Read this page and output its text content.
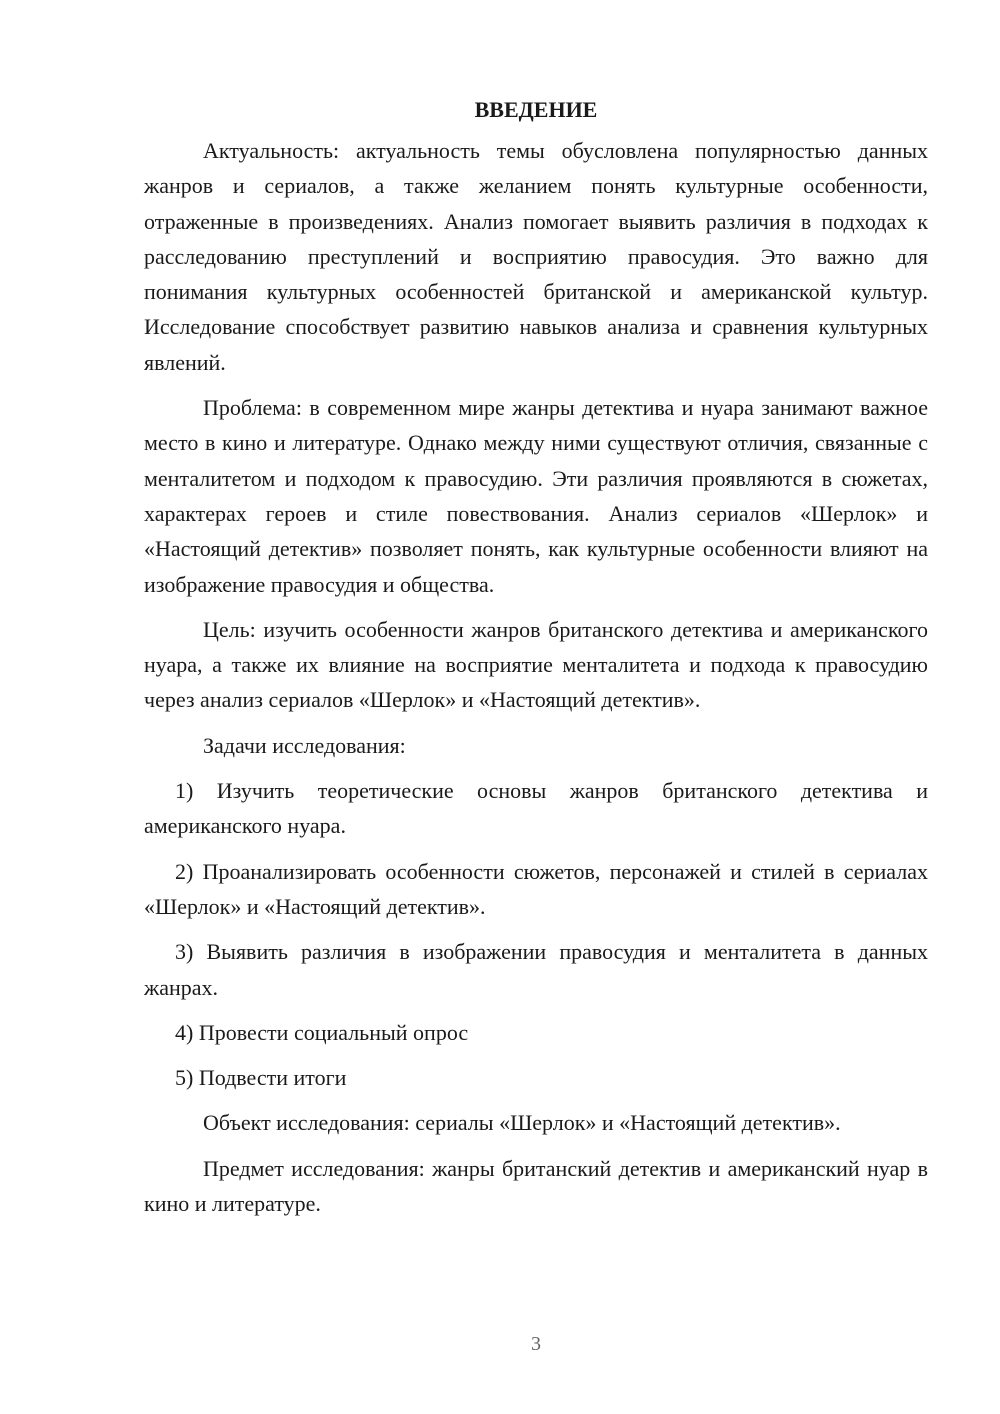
ВВЕДЕНИЕ

Актуальность: актуальность темы обусловлена популярностью данных жанров и сериалов, а также желанием понять культурные особенности, отраженные в произведениях. Анализ помогает выявить различия в подходах к расследованию преступлений и восприятию правосудия. Это важно для понимания культурных особенностей британской и американской культур. Исследование способствует развитию навыков анализа и сравнения культурных явлений.

Проблема: в современном мире жанры детектива и нуара занимают важное место в кино и литературе. Однако между ними существуют отличия, связанные с менталитетом и подходом к правосудию. Эти различия проявляются в сюжетах, характерах героев и стиле повествования. Анализ сериалов «Шерлок» и «Настоящий детектив» позволяет понять, как культурные особенности влияют на изображение правосудия и общества.

Цель: изучить особенности жанров британского детектива и американского нуара, а также их влияние на восприятие менталитета и подхода к правосудию через анализ сериалов «Шерлок» и «Настоящий детектив».

Задачи исследования:

1) Изучить теоретические основы жанров британского детектива и американского нуара.

2) Проанализировать особенности сюжетов, персонажей и стилей в сериалах «Шерлок» и «Настоящий детектив».

3) Выявить различия в изображении правосудия и менталитета в данных жанрах.

4) Провести социальный опрос

5) Подвести итоги

Объект исследования: сериалы «Шерлок» и «Настоящий детектив».

Предмет исследования: жанры британский детектив и американский нуар в кино и литературе.

3
